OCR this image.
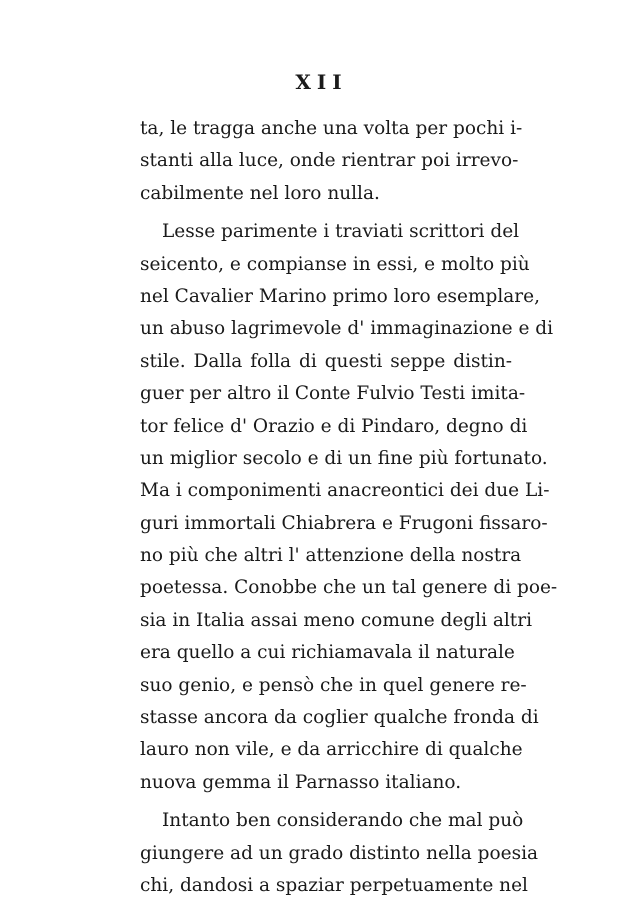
XII
ta, le tragga anche una volta per pochi i-
stanti alla luce, onde rientrar poi irrevo-
cabilmente nel loro nulla.
Lesse parimente i traviati scrittori del
seicento, e compianse in essi, e molto più
nel Cavalier Marino primo loro esemplare,
un abuso lagrimevole d' immaginazione e di
stile. Dalla folla di questi seppe distin-
guer per altro il Conte Fulvio Testi imita-
tor felice d' Orazio e di Pindaro, degno di
un miglior secolo e di un fine più fortunato.
Ma i componimenti anacreontici dei due Li-
guri immortali Chiabrera e Frugoni fissaro-
no più che altri l' attenzione della nostra
poetessa. Conobbe che un tal genere di poe-
sia in Italia assai meno comune degli altri
era quello a cui richiamavala il naturale
suo genio, e pensò che in quel genere re-
stasse ancora da coglier qualche fronda di
lauro non vile, e da arricchire di qualche
nuova gemma il Parnasso italiano.
Intanto ben considerando che mal può
giungere ad un grado distinto nella poesia
chi, dandosi a spaziar perpetuamente nel
